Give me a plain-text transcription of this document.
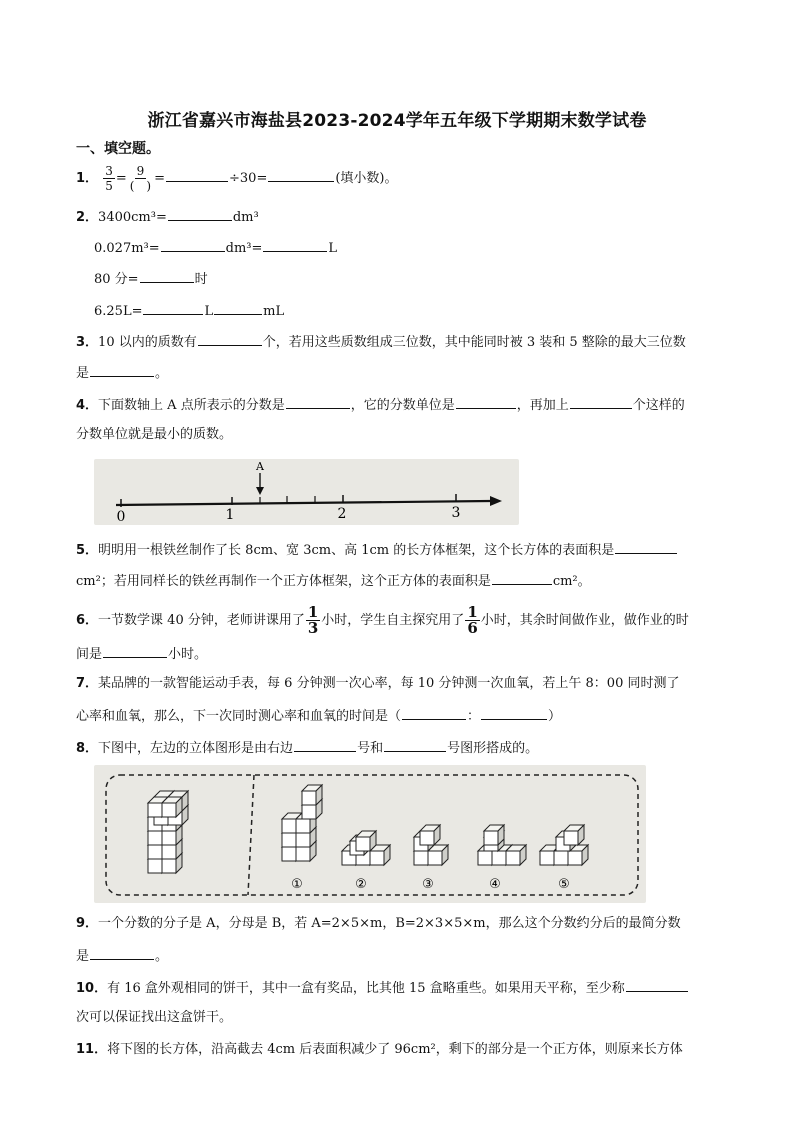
浙江省嘉兴市海盐县2023-2024学年五年级下学期期末数学试卷
一、填空题。
1． $\frac{3}{5} = \frac{9}{( )}$ =	÷30=	(填小数)。
2．3400cm³=	dm³
0.027m³=	dm³=	L
80 分=	时
6.25L=	L	mL
3．10 以内的质数有	个，若用这些质数组成三位数，其中能同时被 3 装和 5 整除的最大三位数
是	。
4．下面数轴上 A 点所表示的分数是	，它的分数单位是	，再加上	个这样的
分数单位就是最小的质数。
A
0	1	2	3
5．明明用一根铁丝制作了长 8cm、宽 3cm、高 1cm 的长方体框架，这个长方体的表面积是
cm²；若用同样长的铁丝再制作一个正方体框架，这个正方体的表面积是	cm²。
6．一节数学课 40 分钟，老师讲课用了 $\frac{1}{3}$ 小时，学生自主探究用了 $\frac{1}{6}$ 小时，其余时间做作业，做作业的时
间是	小时。
7．某品牌的一款智能运动手表，每 6 分钟测一次心率，每 10 分钟测一次血氧，若上午 8：00 同时测了
心率和血氧，那么，下一次同时测心率和血氧的时间是（	：	）
8．下图中，左边的立体图形是由右边	号和	号图形搭成的。
①	②	③	④	⑤
9．一个分数的分子是 A，分母是 B，若 A=2×5×m，B=2×3×5×m，那么这个分数约分后的最简分数
是	。
10．有 16 盒外观相同的饼干，其中一盒有奖品，比其他 15 盒略重些。如果用天平称，至少称
次可以保证找出这盒饼干。
11．将下图的长方体，沿高截去 4cm 后表面积减少了 96cm²，剩下的部分是一个正方体，则原来长方体
